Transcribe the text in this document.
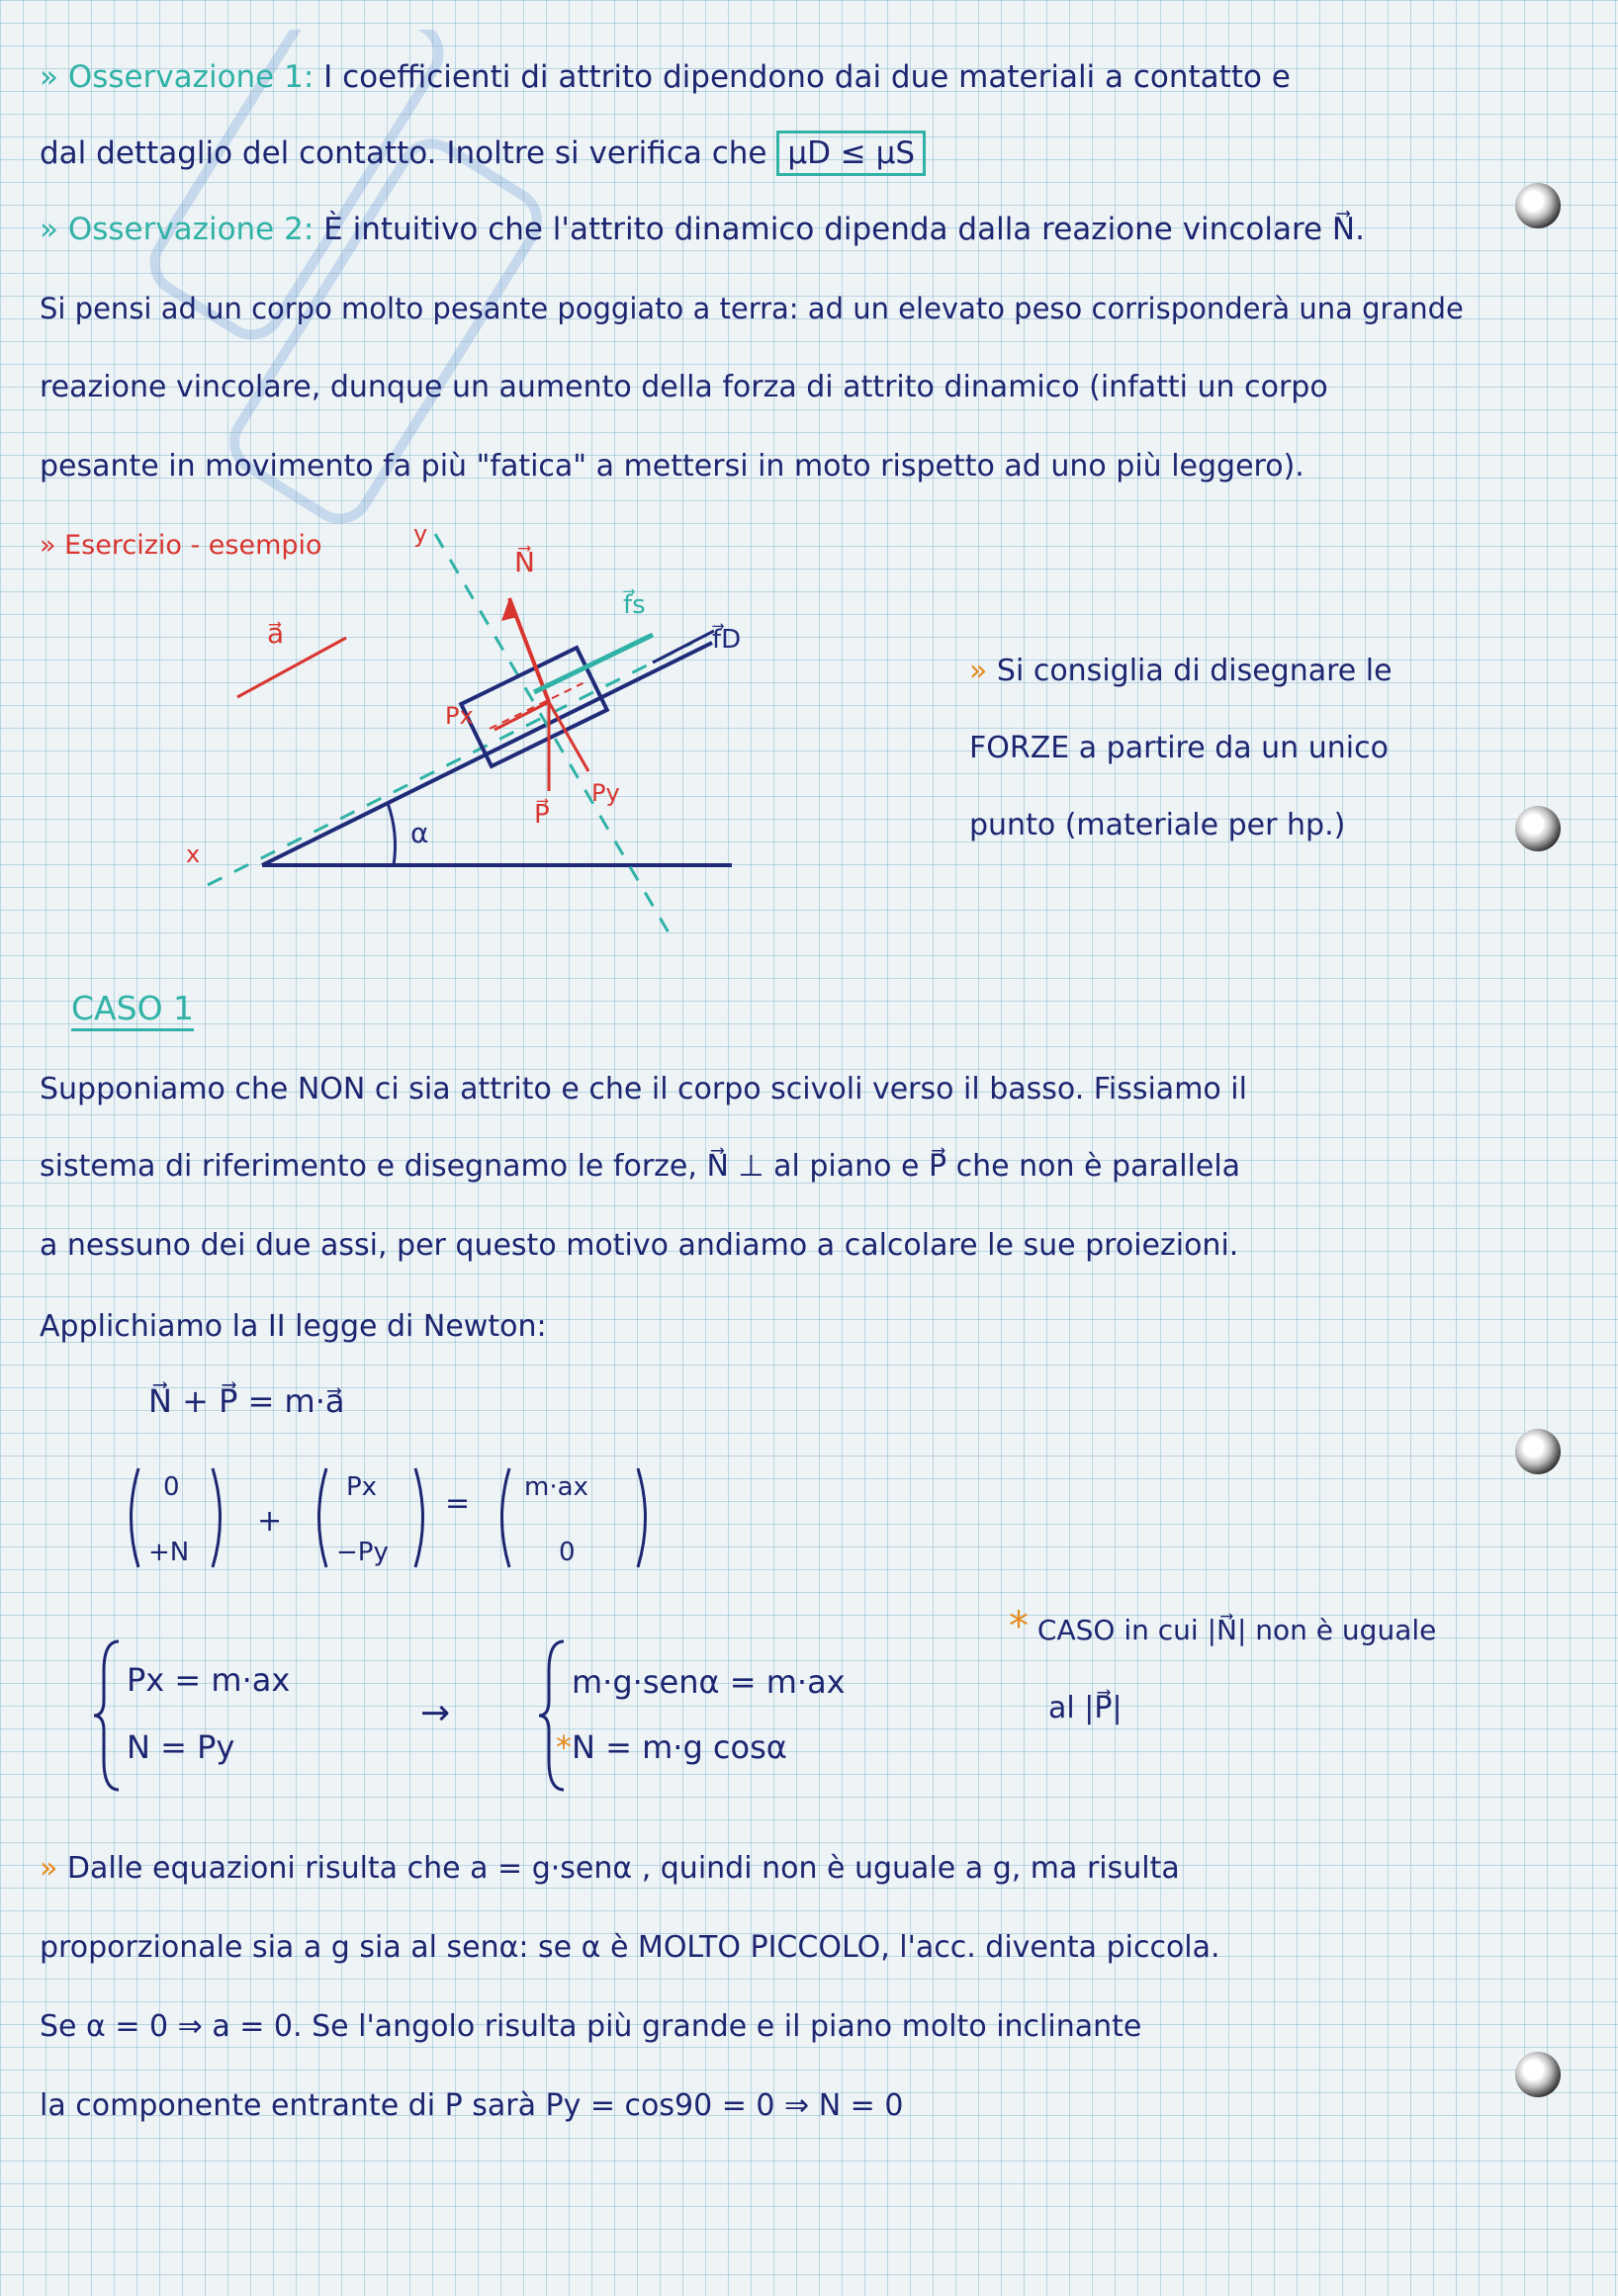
» Osservazione 1: I coefficienti di attrito dipendono dai due materiali a contatto e
dal dettaglio del contatto. Inoltre si verifica che μD ≤ μS
» Osservazione 2: È intuitivo che l'attrito dinamico dipenda dalla reazione vincolare N⃗.
Si pensi ad un corpo molto pesante poggiato a terra: ad un elevato peso corrisponderà una grande
reazione vincolare, dunque un aumento della forza di attrito dinamico (infatti un corpo
pesante in movimento fa più "fatica" a mettersi in moto rispetto ad uno più leggero).
» Esercizio - esempio
α
y
x
N⃗
f⃗s
f⃗D
a⃗
P⃗
Py
Px
» Si consiglia di disegnare le
FORZE a partire da un unico
punto (materiale per hp.)
CASO 1
Supponiamo che NON ci sia attrito e che il corpo scivoli verso il basso. Fissiamo il
sistema di riferimento e disegnamo le forze, N⃗ ⊥ al piano e P⃗ che non è parallela
a nessuno dei due assi, per questo motivo andiamo a calcolare le sue proiezioni.
Applichiamo la II legge di Newton:
N⃗ + P⃗ = m·a⃗
0
+N
+
Px
−Py
= m·ax
0
Px = m·ax
N = Py
→
m·g·senα = m·ax
*N = m·g cosα
* CASO in cui |N⃗| non è uguale
al |P⃗|
» Dalle equazioni risulta che a = g·senα , quindi non è uguale a g, ma risulta
proporzionale sia a g sia al senα: se α è MOLTO PICCOLO, l'acc. diventa piccola.
Se α = 0 ⇒ a = 0. Se l'angolo risulta più grande e il piano molto inclinante
la componente entrante di P sarà Py = cos90 = 0 ⇒ N = 0
